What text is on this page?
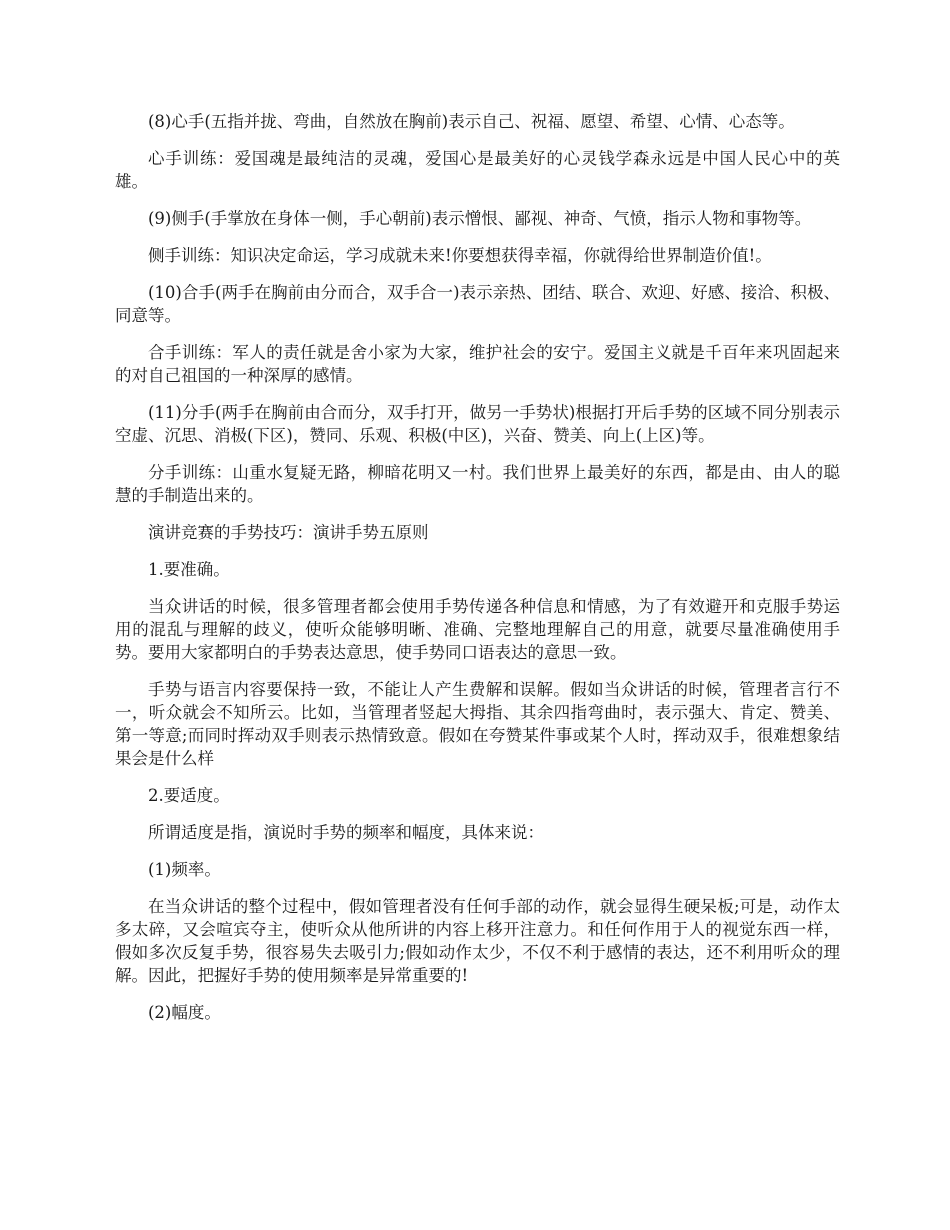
(8)心手(五指并拢、弯曲，自然放在胸前)表示自己、祝福、愿望、希望、心情、心态等。

心手训练：爱国魂是最纯洁的灵魂，爱国心是最美好的心灵钱学森永远是中国人民心中的英雄。

(9)侧手(手掌放在身体一侧，手心朝前)表示憎恨、鄙视、神奇、气愤，指示人物和事物等。

侧手训练：知识决定命运，学习成就未来!你要想获得幸福，你就得给世界制造价值!。

(10)合手(两手在胸前由分而合，双手合一)表示亲热、团结、联合、欢迎、好感、接洽、积极、同意等。

合手训练：军人的责任就是舍小家为大家，维护社会的安宁。爱国主义就是千百年来巩固起来的对自己祖国的一种深厚的感情。

(11)分手(两手在胸前由合而分，双手打开，做另一手势状)根据打开后手势的区域不同分别表示空虚、沉思、消极(下区)，赞同、乐观、积极(中区)，兴奋、赞美、向上(上区)等。

分手训练：山重水复疑无路，柳暗花明又一村。我们世界上最美好的东西，都是由、由人的聪慧的手制造出来的。

演讲竞赛的手势技巧：演讲手势五原则

1.要准确。

当众讲话的时候，很多管理者都会使用手势传递各种信息和情感，为了有效避开和克服手势运用的混乱与理解的歧义，使听众能够明晰、准确、完整地理解自己的用意，就要尽量准确使用手势。要用大家都明白的手势表达意思，使手势同口语表达的意思一致。

手势与语言内容要保持一致，不能让人产生费解和误解。假如当众讲话的时候，管理者言行不一，听众就会不知所云。比如，当管理者竖起大拇指、其余四指弯曲时，表示强大、肯定、赞美、第一等意;而同时挥动双手则表示热情致意。假如在夸赞某件事或某个人时，挥动双手，很难想象结果会是什么样

2.要适度。

所谓适度是指，演说时手势的频率和幅度，具体来说：

(1)频率。

在当众讲话的整个过程中，假如管理者没有任何手部的动作，就会显得生硬呆板;可是，动作太多太碎，又会喧宾夺主，使听众从他所讲的内容上移开注意力。和任何作用于人的视觉东西一样，假如多次反复手势，很容易失去吸引力;假如动作太少，不仅不利于感情的表达，还不利用听众的理解。因此，把握好手势的使用频率是异常重要的!

(2)幅度。
